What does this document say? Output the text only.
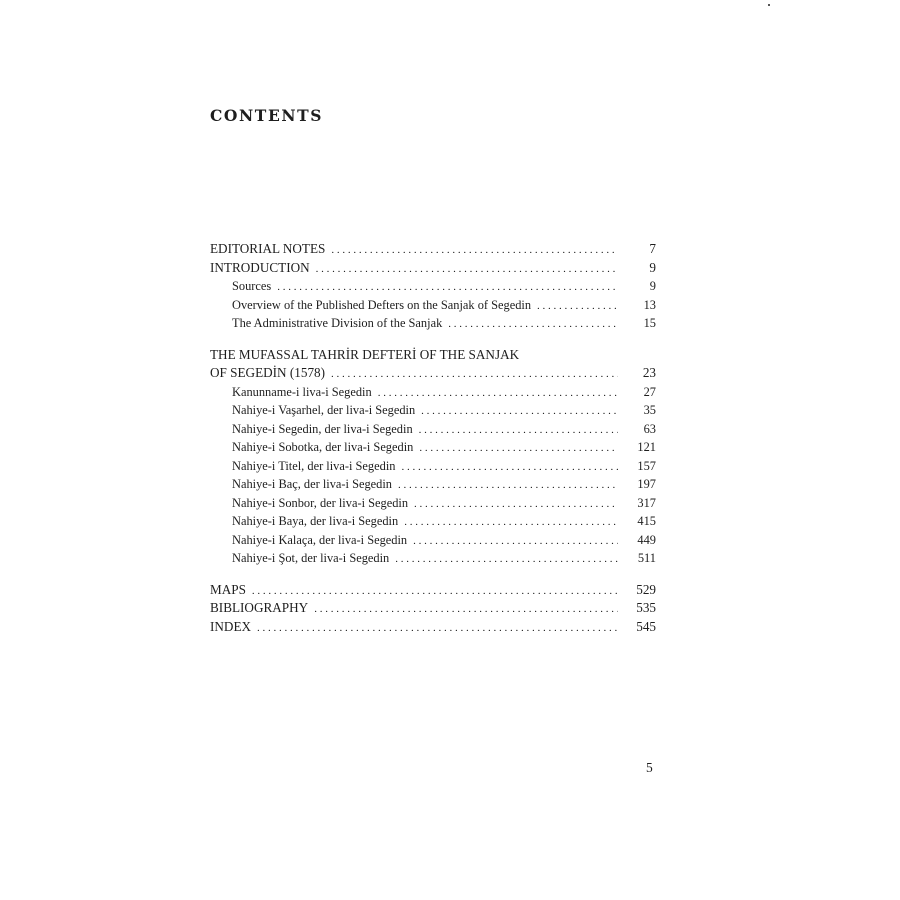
CONTENTS
EDITORIAL NOTES . . .	7
INTRODUCTION . . .	9
Sources . . .	9
Overview of the Published Defters on the Sanjak of Segedin . . .	13
The Administrative Division of the Sanjak . . .	15
THE MUFASSAL TAHRİR DEFTERİ OF THE SANJAK
OF SEGEDİN (1578) . . .	23
Kanunname-i liva-i Segedin . . .	27
Nahiye-i Vaşarhel, der liva-i Segedin . . .	35
Nahiye-i Segedin, der liva-i Segedin . . .	63
Nahiye-i Sobotka, der liva-i Segedin . . .	121
Nahiye-i Titel, der liva-i Segedin . . .	157
Nahiye-i Baç, der liva-i Segedin . . .	197
Nahiye-i Sonbor, der liva-i Segedin . . .	317
Nahiye-i Baya, der liva-i Segedin . . .	415
Nahiye-i Kalaça, der liva-i Segedin . . .	449
Nahiye-i Şot, der liva-i Segedin . . .	511
MAPS . . .	529
BIBLIOGRAPHY . . .	535
INDEX . . .	545
5
